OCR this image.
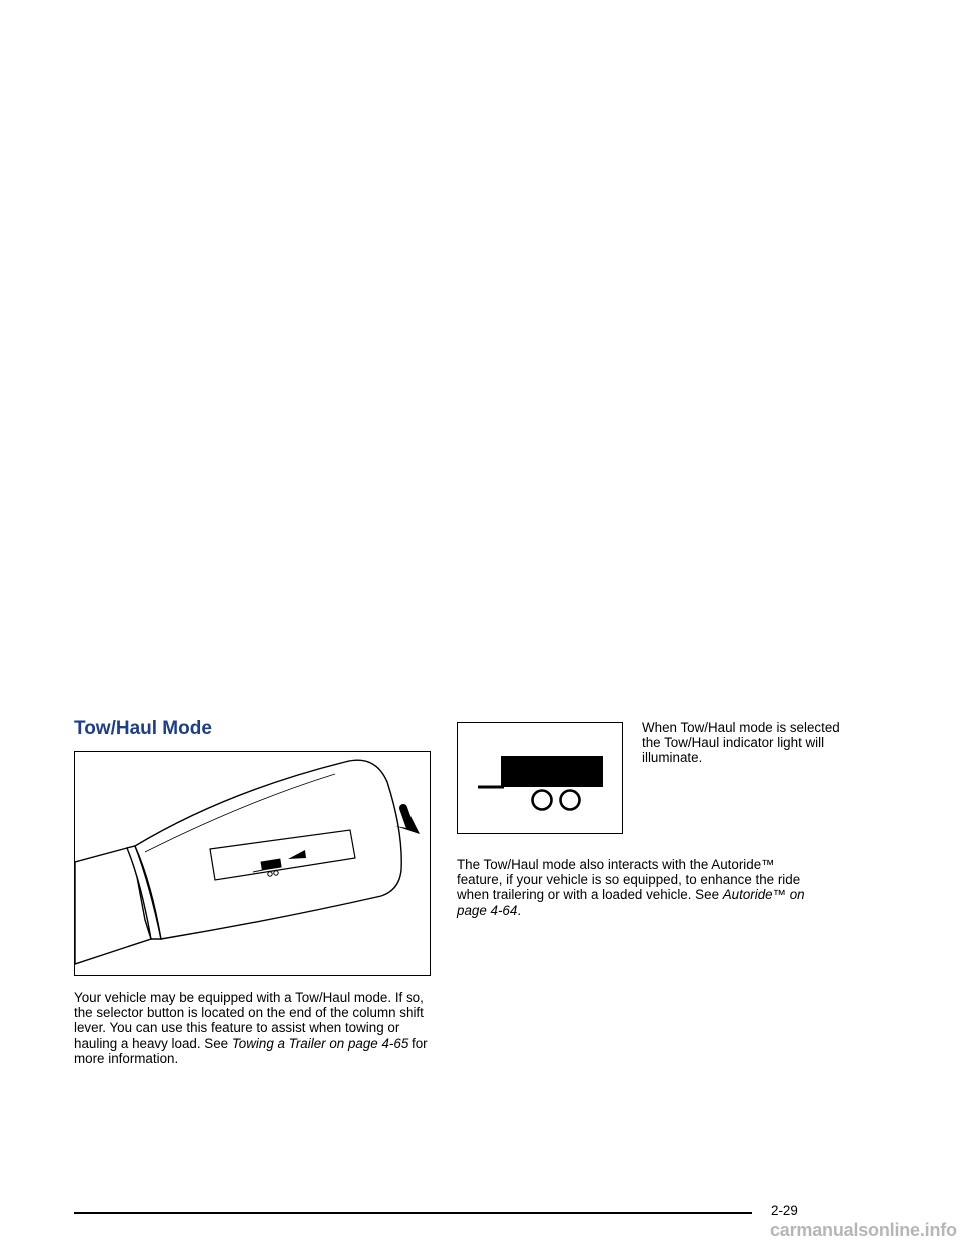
Tow/Haul Mode

Your vehicle may be equipped with a Tow/Haul mode. If so, the selector button is located on the end of the column shift lever. You can use this feature to assist when towing or hauling a heavy load. See Towing a Trailer on page 4-65 for more information.

When Tow/Haul mode is selected the Tow/Haul indicator light will illuminate.

The Tow/Haul mode also interacts with the Autoride™ feature, if your vehicle is so equipped, to enhance the ride when trailering or with a loaded vehicle. See Autoride™ on page 4-64.

2-29
carmanualsonline.info
